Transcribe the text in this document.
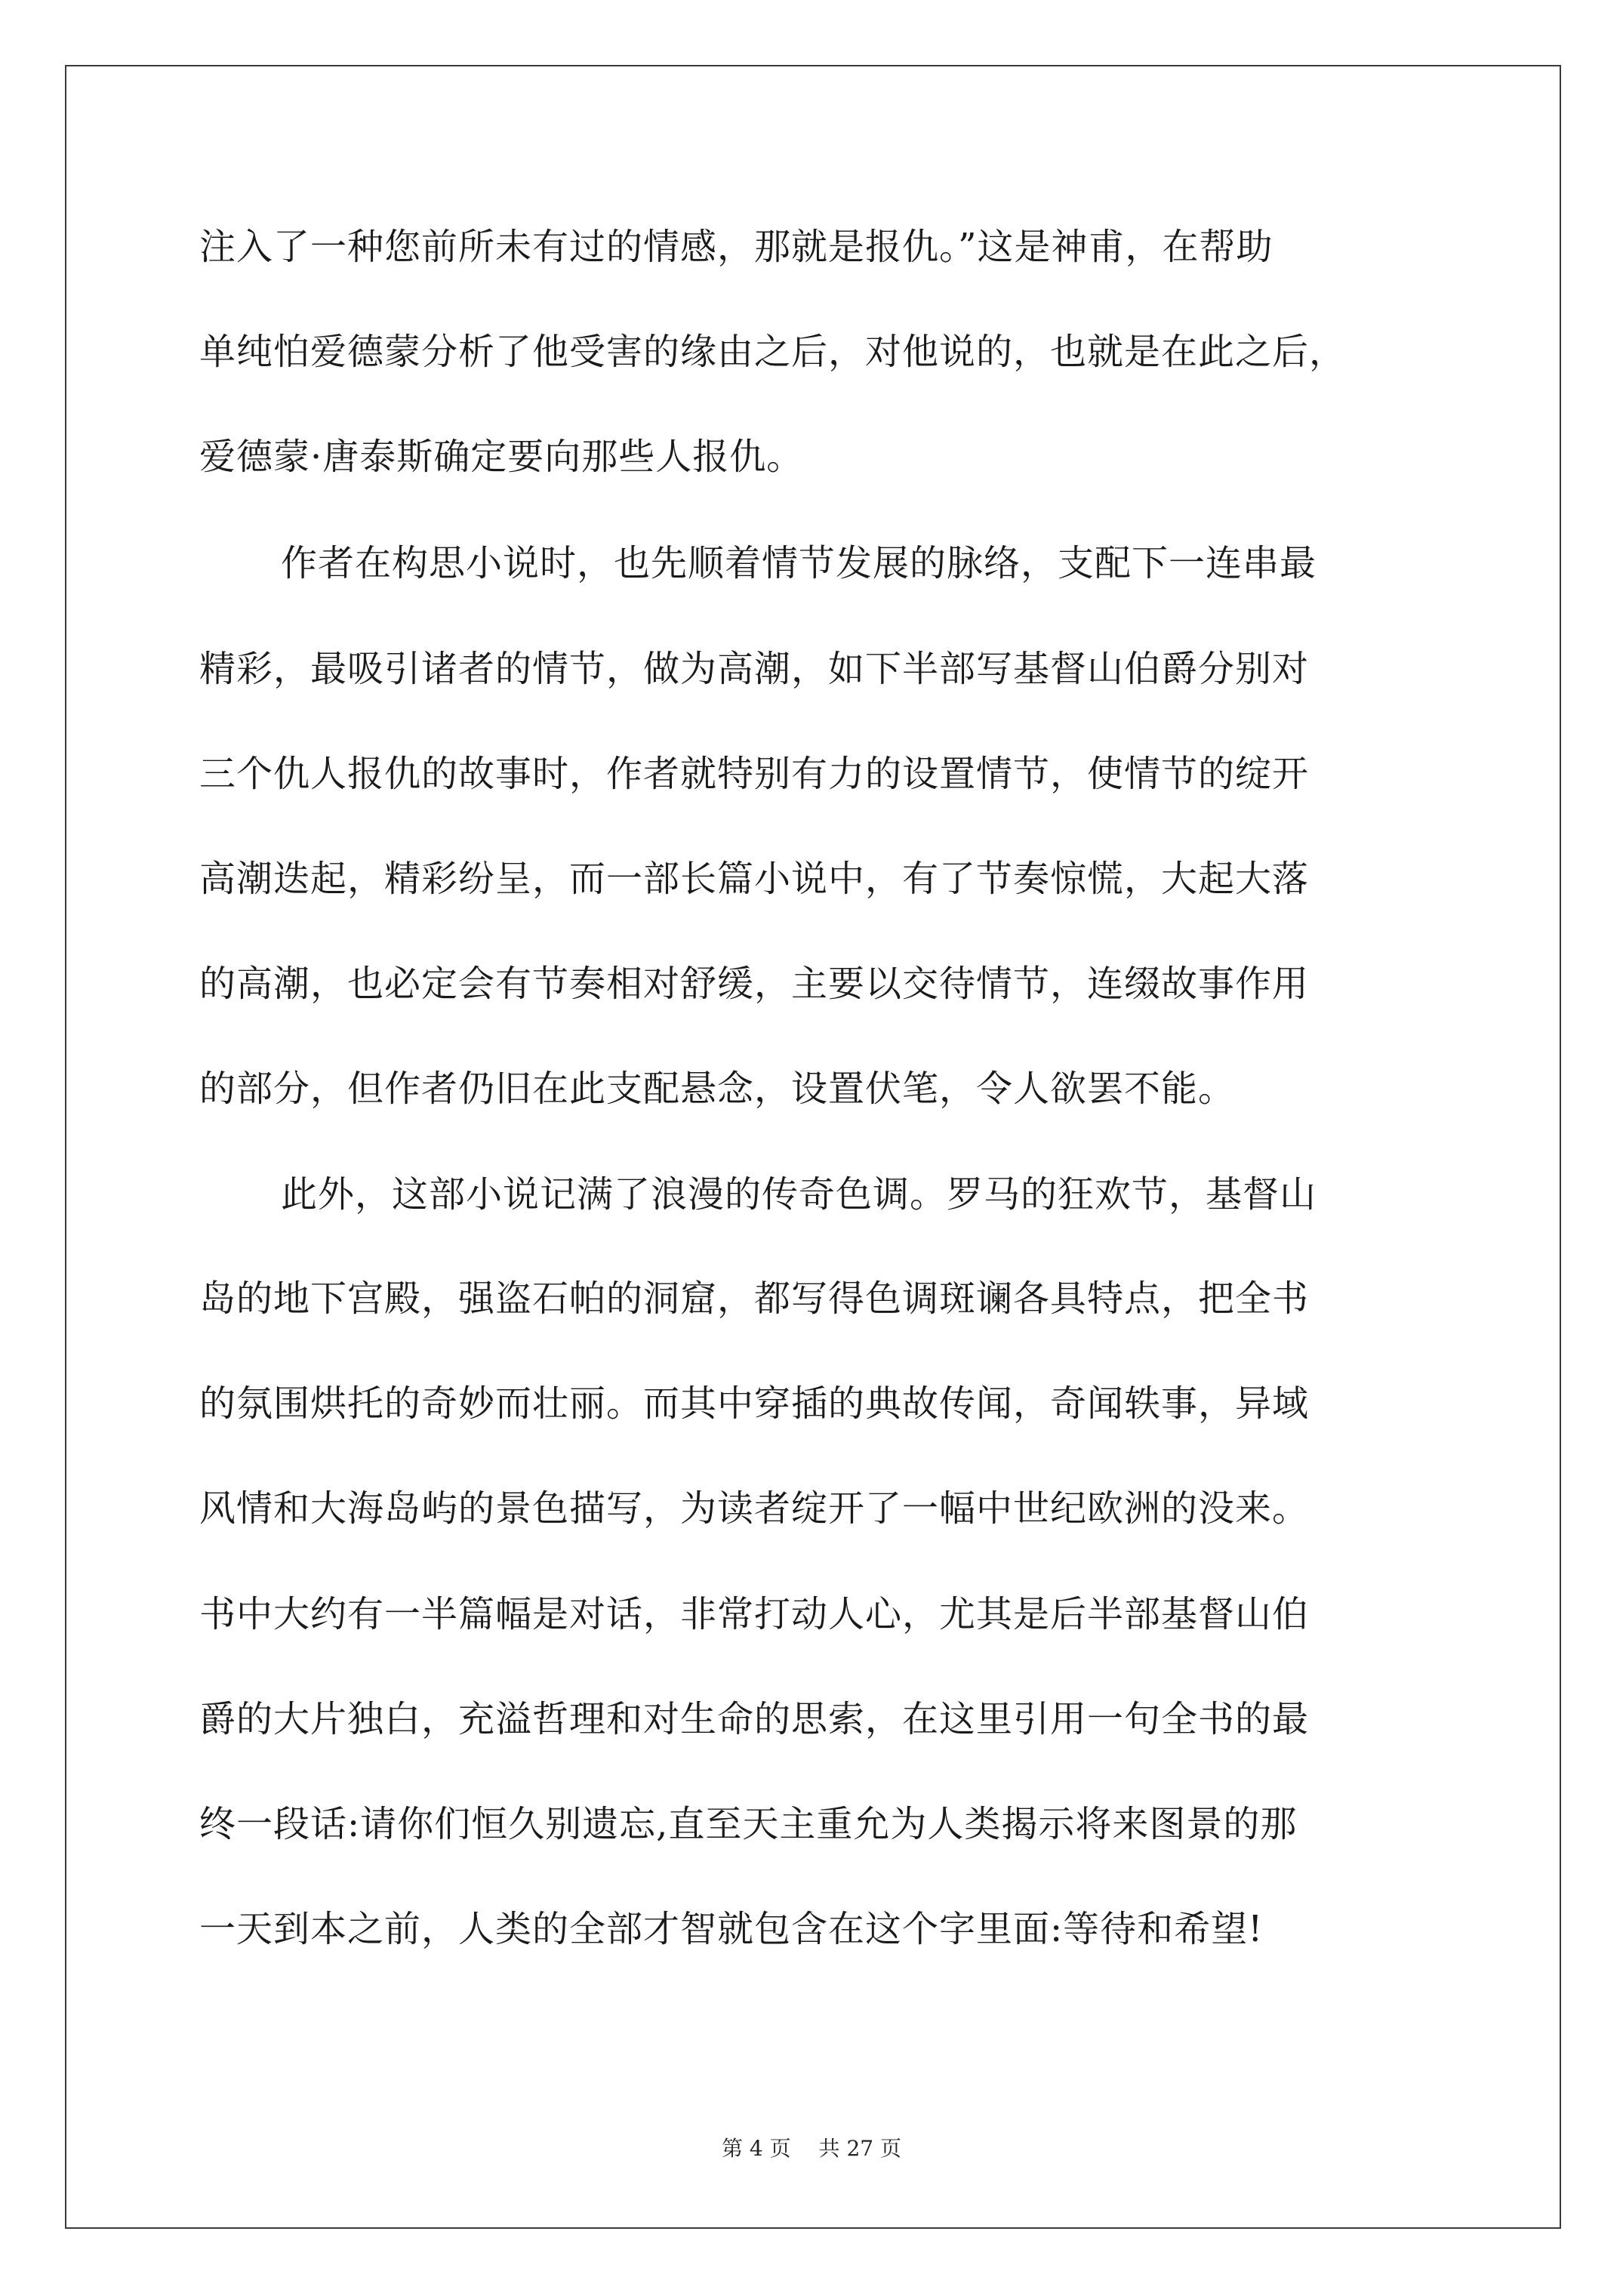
注入了一种您前所未有过的情感，那就是报仇。”这是神甫，在帮助

单纯怕爱德蒙分析了他受害的缘由之后，对他说的，也就是在此之后，

爱德蒙·唐泰斯确定要向那些人报仇。

作者在构思小说时，也先顺着情节发展的脉络，支配下一连串最

精彩，最吸引诸者的情节，做为高潮，如下半部写基督山伯爵分别对

三个仇人报仇的故事时，作者就特别有力的设置情节，使情节的绽开

高潮迭起，精彩纷呈，而一部长篇小说中，有了节奏惊慌，大起大落

的高潮，也必定会有节奏相对舒缓，主要以交待情节，连缀故事作用

的部分，但作者仍旧在此支配悬念，设置伏笔，令人欲罢不能。

此外，这部小说记满了浪漫的传奇色调。罗马的狂欢节，基督山

岛的地下宫殿，强盗石帕的洞窟，都写得色调斑谰各具特点，把全书

的氛围烘托的奇妙而壮丽。而其中穿插的典故传闻，奇闻轶事，异域

风情和大海岛屿的景色描写，为读者绽开了一幅中世纪欧洲的没来。

书中大约有一半篇幅是对话，非常打动人心，尤其是后半部基督山伯

爵的大片独白，充溢哲理和对生命的思索，在这里引用一句全书的最

终一段话:请你们恒久别遗忘,直至天主重允为人类揭示将来图景的那

一天到本之前，人类的全部才智就包含在这个字里面:等待和希望!

第 4 页 共 27 页
